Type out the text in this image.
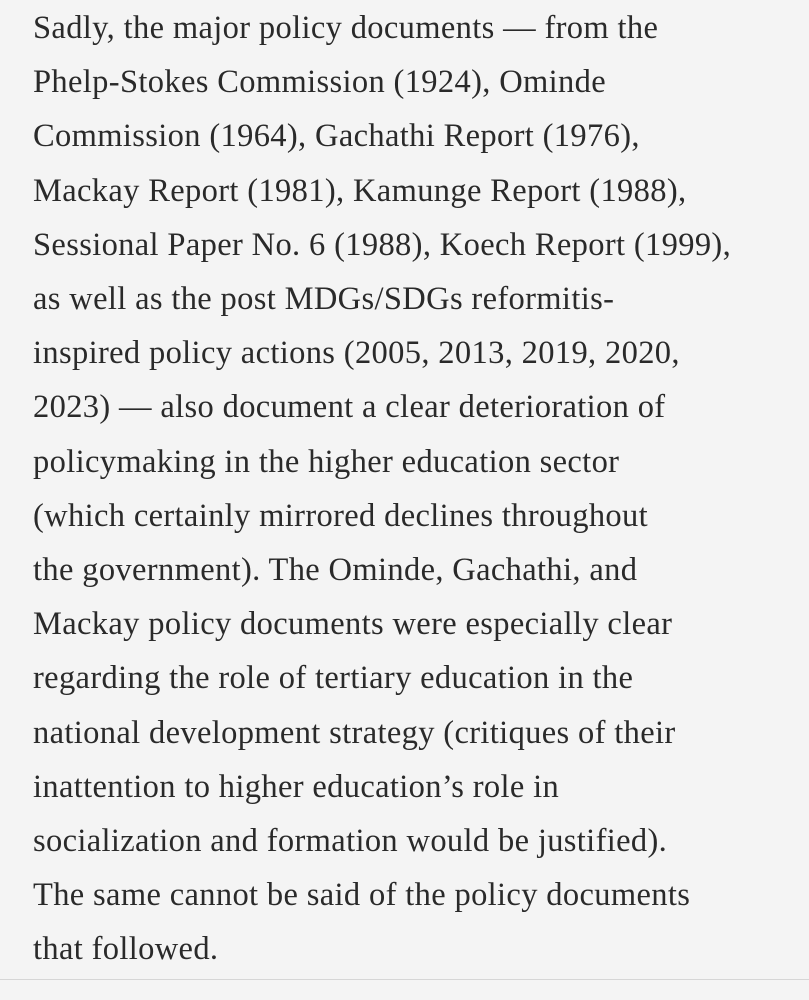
Sadly, the major policy documents — from the
Phelp-Stokes Commission (1924), Ominde
Commission (1964), Gachathi Report (1976),
Mackay Report (1981), Kamunge Report (1988),
Sessional Paper No. 6 (1988), Koech Report (1999),
as well as the post MDGs/SDGs reformitis-
inspired policy actions (2005, 2013, 2019, 2020,
2023) — also document a clear deterioration of
policymaking in the higher education sector
(which certainly mirrored declines throughout
the government). The Ominde, Gachathi, and
Mackay policy documents were especially clear
regarding the role of tertiary education in the
national development strategy (critiques of their
inattention to higher education’s role in
socialization and formation would be justified).
The same cannot be said of the policy documents
that followed.
